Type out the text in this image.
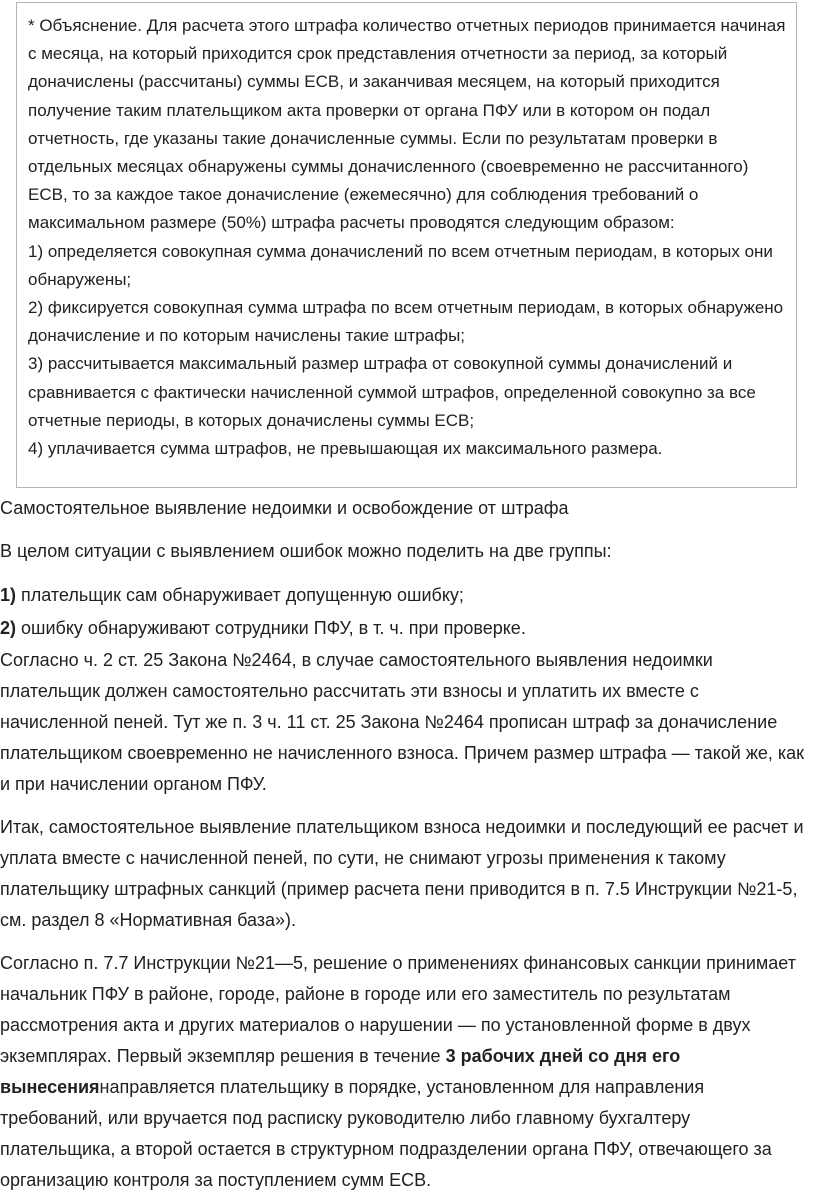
* Объяснение. Для расчета этого штрафа количество отчетных периодов принимается начиная с месяца, на который приходится срок представления отчетности за период, за который доначислены (рассчитаны) суммы ЕСВ, и заканчивая месяцем, на который приходится получение таким плательщиком акта проверки от органа ПФУ или в котором он подал отчетность, где указаны такие доначисленные суммы. Если по результатам проверки в отдельных месяцах обнаружены суммы доначисленного (своевременно не рассчитанного) ЕСВ, то за каждое такое доначисление (ежемесячно) для соблюдения требований о максимальном размере (50%) штрафа расчеты проводятся следующим образом:

1) определяется совокупная сумма доначислений по всем отчетным периодам, в которых они обнаружены;

2) фиксируется совокупная сумма штрафа по всем отчетным периодам, в которых обнаружено доначисление и по которым начислены такие штрафы;

3) рассчитывается максимальный размер штрафа от совокупной суммы доначислений и сравнивается с фактически начисленной суммой штрафов, определенной совокупно за все отчетные периоды, в которых доначислены суммы ЕСВ;

4) уплачивается сумма штрафов, не превышающая их максимального размера.

Самостоятельное выявление недоимки и освобождение от штрафа

В целом ситуации с выявлением ошибок можно поделить на две группы:

1) плательщик сам обнаруживает допущенную ошибку;

2) ошибку обнаруживают сотрудники ПФУ, в т. ч. при проверке.

Согласно ч. 2 ст. 25 Закона №2464, в случае самостоятельного выявления недоимки плательщик должен самостоятельно рассчитать эти взносы и уплатить их вместе с начисленной пеней. Тут же п. 3 ч. 11 ст. 25 Закона №2464 прописан штраф за доначисление плательщиком своевременно не начисленного взноса. Причем размер штрафа — такой же, как и при начислении органом ПФУ.

Итак, самостоятельное выявление плательщиком взноса недоимки и последующий ее расчет и уплата вместе с начисленной пеней, по сути, не снимают угрозы применения к такому плательщику штрафных санкций (пример расчета пени приводится в п. 7.5 Инструкции №21-5, см. раздел 8 «Нормативная база»).

Согласно п. 7.7 Инструкции №21—5, решение о применениях финансовых санкции принимает начальник ПФУ в районе, городе, районе в городе или его заместитель по результатам рассмотрения акта и других материалов о нарушении — по установленной форме в двух экземплярах. Первый экземпляр решения в течение 3 рабочих дней со дня его вынесениянаправляется плательщику в порядке, установленном для направления требований, или вручается под расписку руководителю либо главному бухгалтеру плательщика, а второй остается в структурном подразделении органа ПФУ, отвечающего за организацию контроля за поступлением сумм ЕСВ.
